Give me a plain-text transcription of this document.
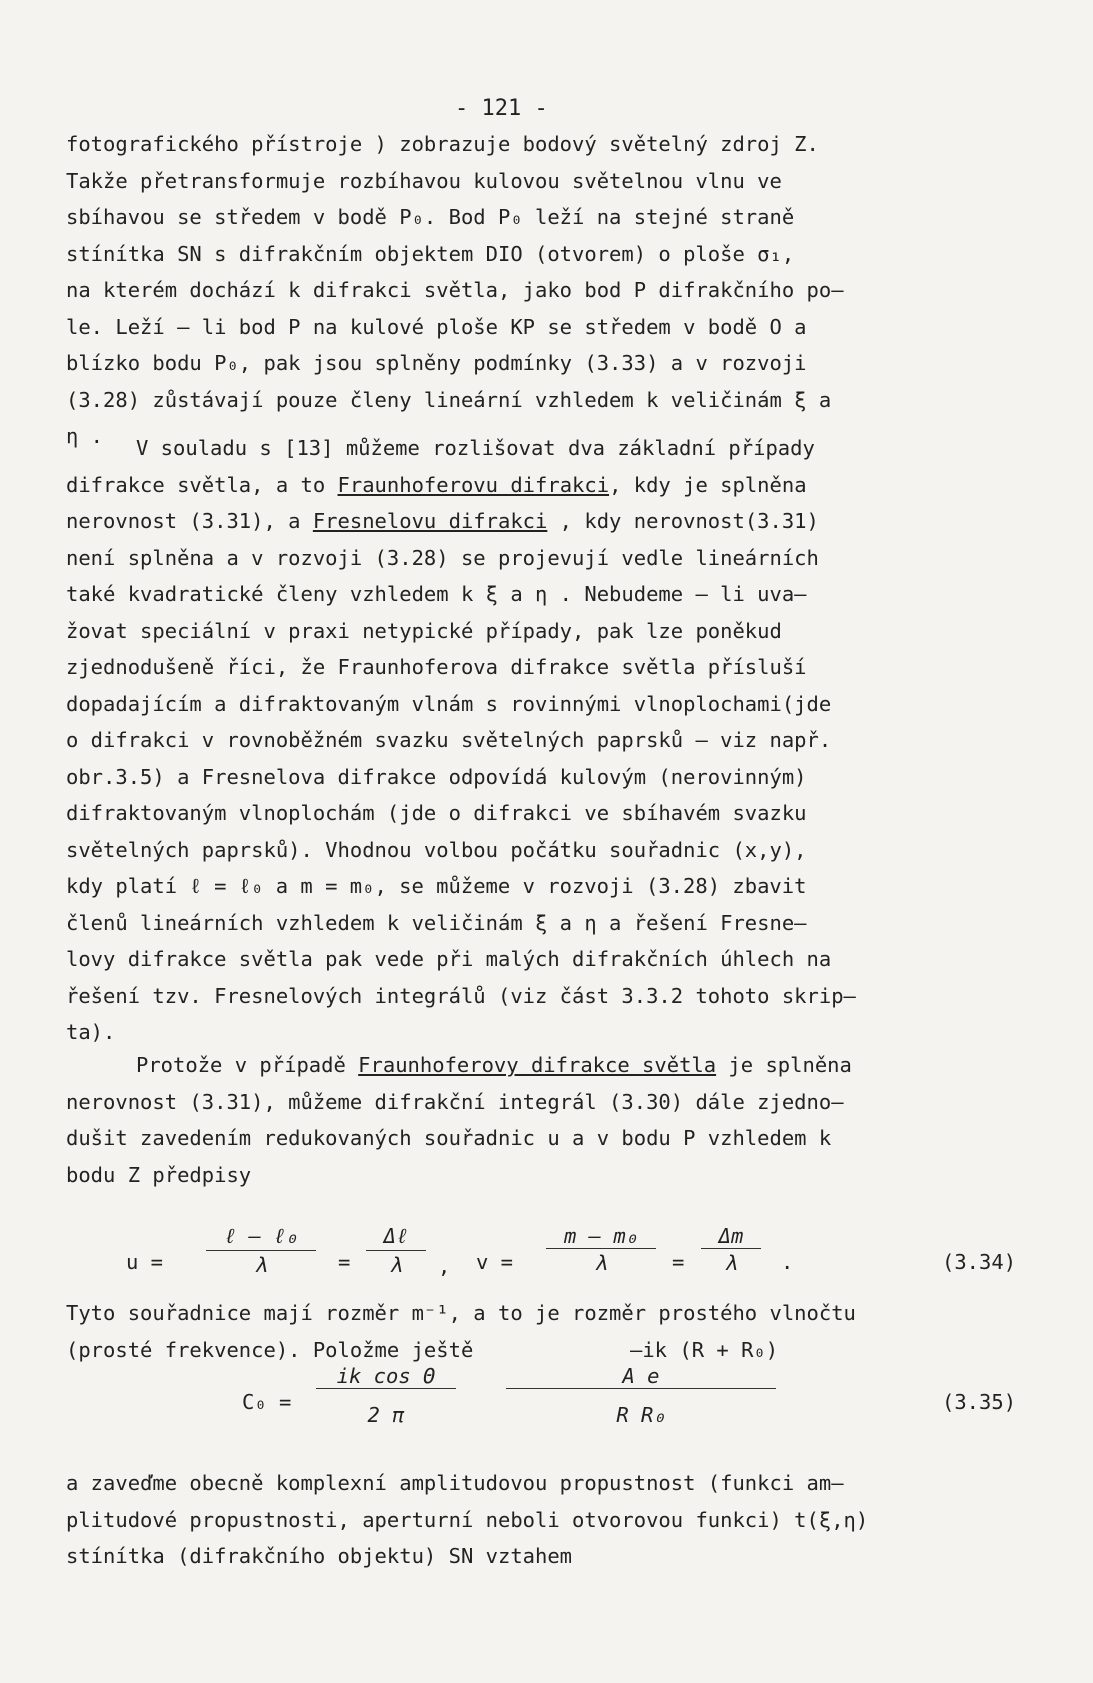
- 121 -
fotografického přístroje ) zobrazuje bodový světelný zdroj Z.
Takže přetransformuje rozbíhavou kulovou světelnou vlnu ve
sbíhavou se středem v bodě P₀. Bod P₀ leží na stejné straně
stínítka SN s difrakčním objektem DIO (otvorem) o ploše σ₁,
na kterém dochází k difrakci světla, jako bod P difrakčního po–
le. Leží – li bod P na kulové ploše KP se středem v bodě O a
blízko bodu P₀, pak jsou splněny podmínky (3.33) a v rozvoji
(3.28) zůstávají pouze členy lineární vzhledem k veličinám ξ a
η .	V souladu s [13] můžeme rozlišovat dva základní případy
difrakce světla, a to Fraunhoferovu difrakci, kdy je splněna
nerovnost (3.31), a Fresnelovu difrakci , kdy nerovnost(3.31)
není splněna a v rozvoji (3.28) se projevují vedle lineárních
také kvadratické členy vzhledem k ξ a η . Nebudeme – li uva–
žovat speciální v praxi netypické případy, pak lze poněkud
zjednodušeně říci, že Fraunhoferova difrakce světla přísluší
dopadajícím a difraktovaným vlnám s rovinnými vlnoplochami(jde
o difrakci v rovnoběžném svazku světelných paprsků – viz např.
obr.3.5) a Fresnelova difrakce odpovídá kulovým (nerovinným)
difraktovaným vlnoplochám (jde o difrakci ve sbíhavém svazku
světelných paprsků). Vhodnou volbou počátku souřadnic (x,y),
kdy platí ℓ = ℓ₀ a m = m₀, se můžeme v rozvoji (3.28) zbavit
členů lineárních vzhledem k veličinám ξ a η a řešení Fresne–
lovy difrakce světla pak vede při malých difrakčních úhlech na
řešení tzv. Fresnelových integrálů (viz část 3.3.2 tohoto skrip–
ta).
Protože v případě Fraunhoferovy difrakce světla je splněna
nerovnost (3.31), můžeme difrakční integrál (3.30) dále zjedno–
dušit zavedením redukovaných souřadnic u a v bodu P vzhledem k
bodu Z předpisy
u =
ℓ – ℓ₀
λ	=
Δℓ
λ	, $v = \frac{\text{m – m₀}}{\lambda} = \frac{\Delta m}{\lambda}$ .	(3.34)
Tyto souřadnice mají rozměr m⁻¹, a to je rozměr prostého vlnočtu
(prosté frekvence). Položme ještě	–ik (R + R₀)
$C_0 = \frac{\text{ik cos Θ}}{2 \pi} \frac{\text{A e}}{\text{R R₀}}$	(3.35)
a zaveďme obecně komplexní amplitudovou propustnost (funkci am–
plitudové propustnosti, aperturní neboli otvorovou funkci) t(ξ,η)
stínítka (difrakčního objektu) SN vztahem
